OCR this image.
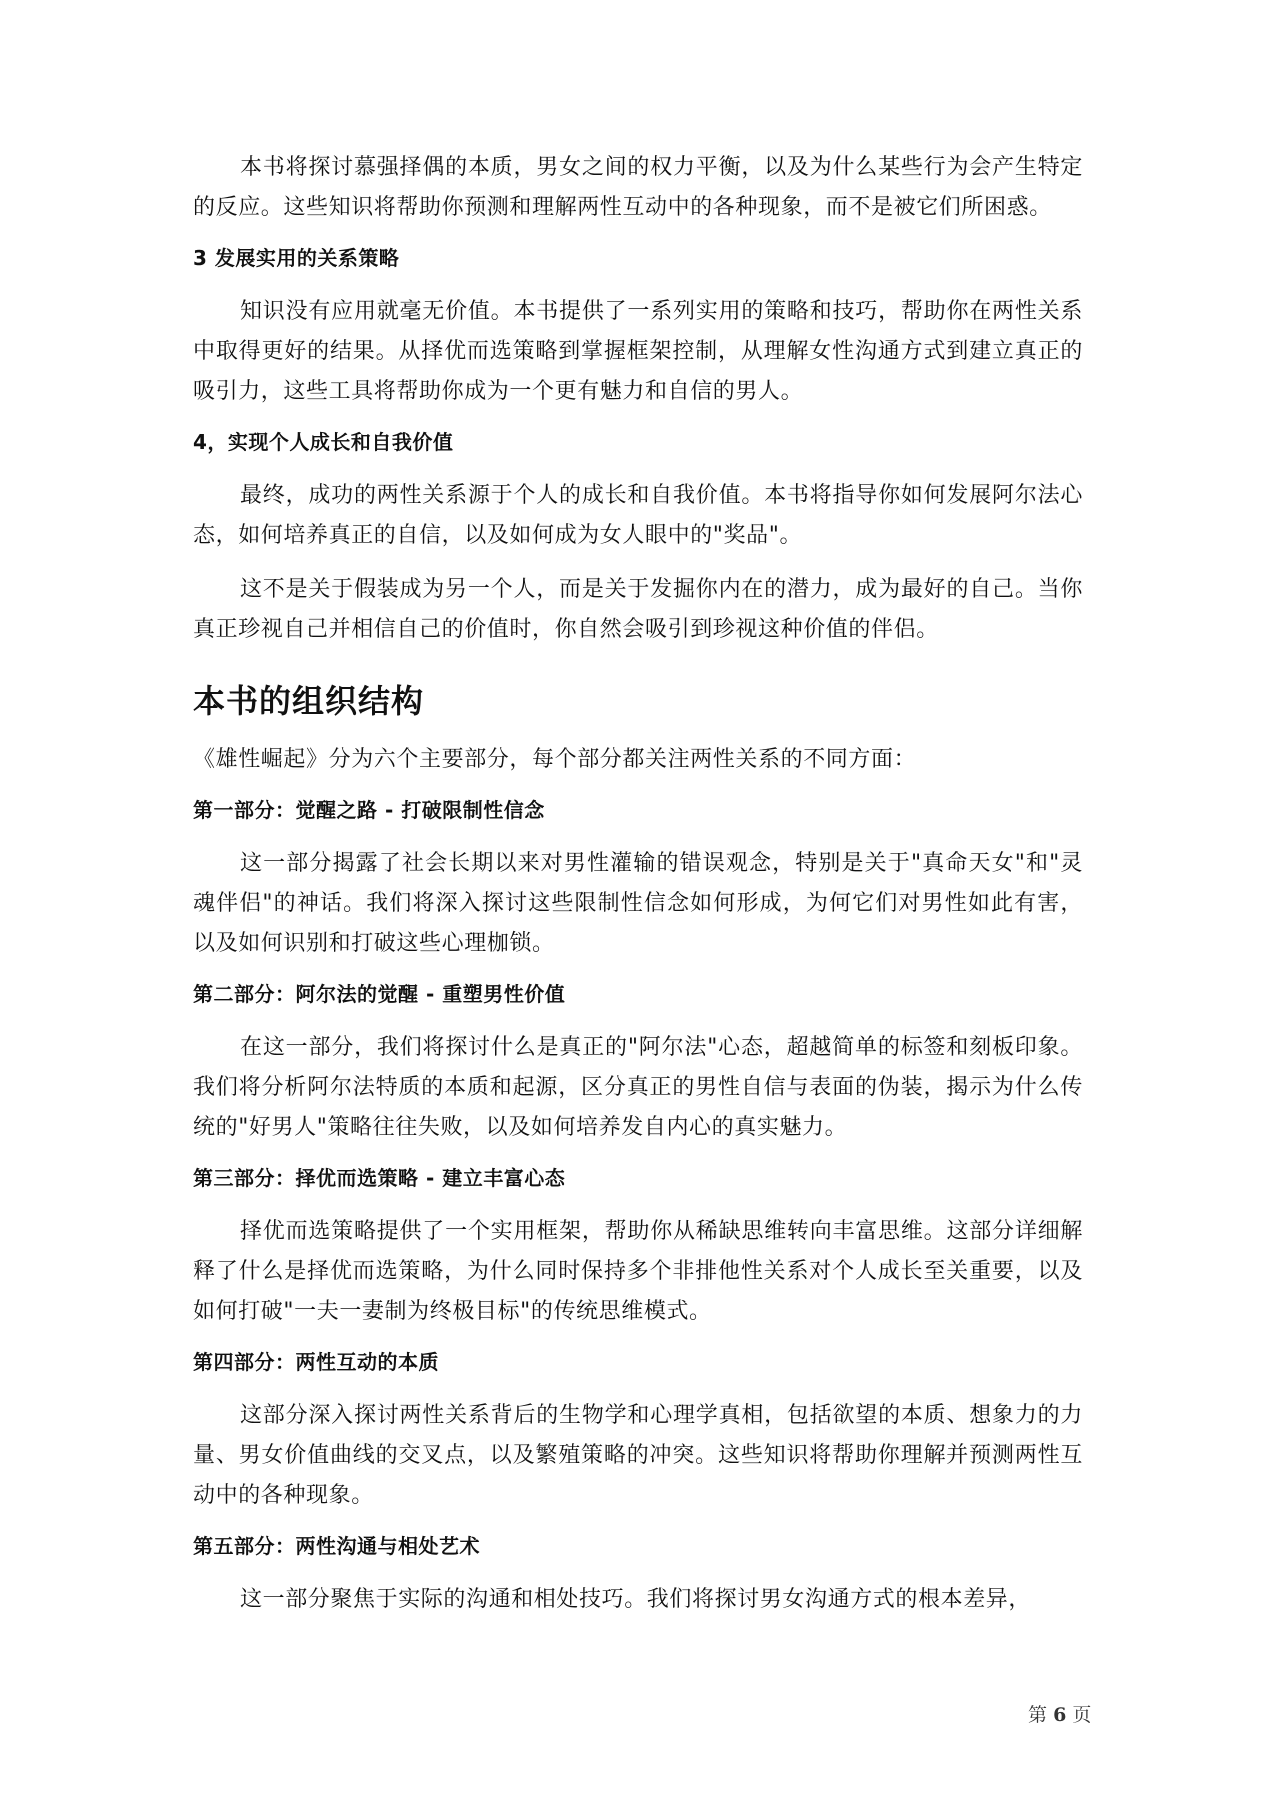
本书将探讨慕强择偶的本质，男女之间的权力平衡，以及为什么某些行为会产生特定的反应。这些知识将帮助你预测和理解两性互动中的各种现象，而不是被它们所困惑。

3 发展实用的关系策略

知识没有应用就毫无价值。本书提供了一系列实用的策略和技巧，帮助你在两性关系中取得更好的结果。从择优而选策略到掌握框架控制，从理解女性沟通方式到建立真正的吸引力，这些工具将帮助你成为一个更有魅力和自信的男人。

4，实现个人成长和自我价值

最终，成功的两性关系源于个人的成长和自我价值。本书将指导你如何发展阿尔法心态，如何培养真正的自信，以及如何成为女人眼中的"奖品"。

这不是关于假装成为另一个人，而是关于发掘你内在的潜力，成为最好的自己。当你真正珍视自己并相信自己的价值时，你自然会吸引到珍视这种价值的伴侣。

本书的组织结构

《雄性崛起》分为六个主要部分，每个部分都关注两性关系的不同方面：

第一部分：觉醒之路 - 打破限制性信念

这一部分揭露了社会长期以来对男性灌输的错误观念，特别是关于"真命天女"和"灵魂伴侣"的神话。我们将深入探讨这些限制性信念如何形成，为何它们对男性如此有害，以及如何识别和打破这些心理枷锁。

第二部分：阿尔法的觉醒 - 重塑男性价值

在这一部分，我们将探讨什么是真正的"阿尔法"心态，超越简单的标签和刻板印象。我们将分析阿尔法特质的本质和起源，区分真正的男性自信与表面的伪装，揭示为什么传统的"好男人"策略往往失败，以及如何培养发自内心的真实魅力。

第三部分：择优而选策略 - 建立丰富心态

择优而选策略提供了一个实用框架，帮助你从稀缺思维转向丰富思维。这部分详细解释了什么是择优而选策略，为什么同时保持多个非排他性关系对个人成长至关重要，以及如何打破"一夫一妻制为终极目标"的传统思维模式。

第四部分：两性互动的本质

这部分深入探讨两性关系背后的生物学和心理学真相，包括欲望的本质、想象力的力量、男女价值曲线的交叉点，以及繁殖策略的冲突。这些知识将帮助你理解并预测两性互动中的各种现象。

第五部分：两性沟通与相处艺术

这一部分聚焦于实际的沟通和相处技巧。我们将探讨男女沟通方式的根本差异，

第 6 页
